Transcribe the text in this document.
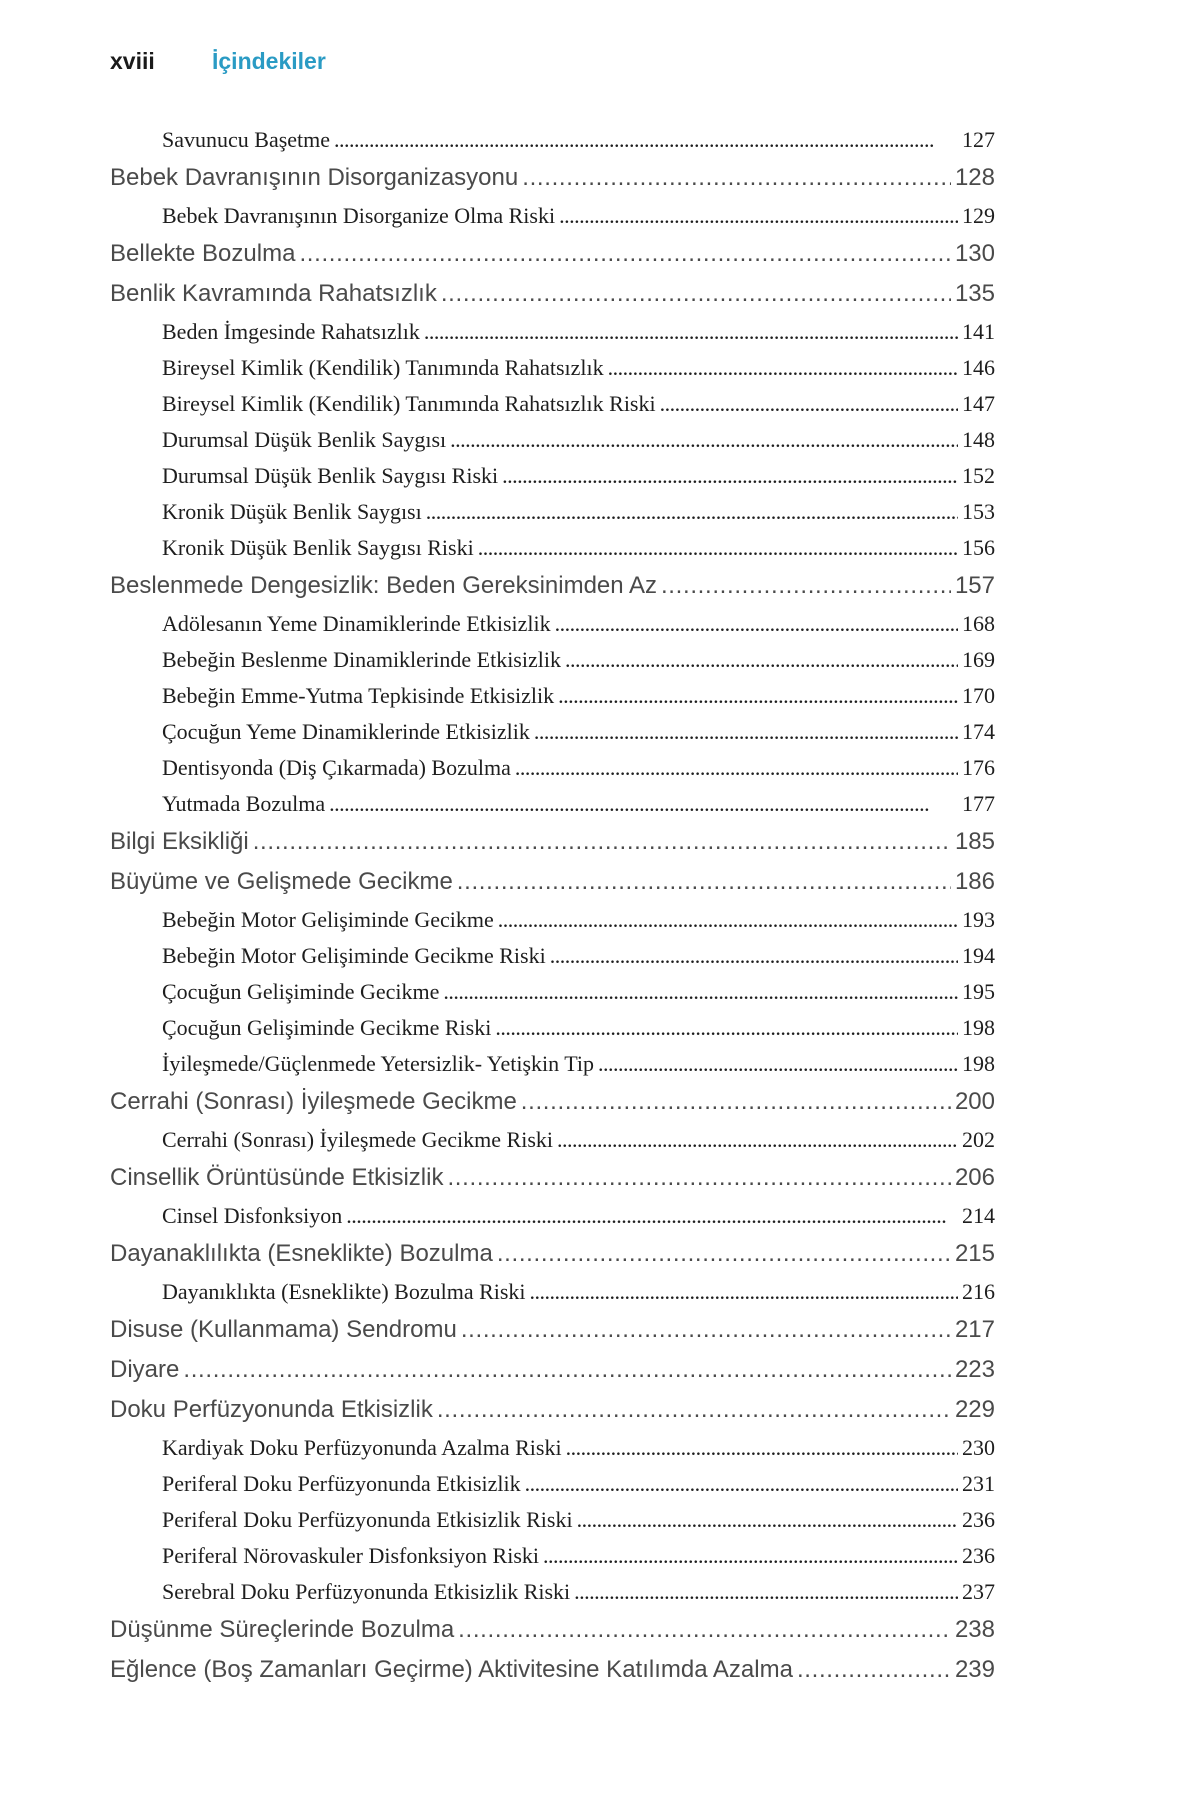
xviii	İçindekiler
Savunucu Başetme . . .	127
Bebek Davranışının Disorganizasyonu . . .	128
Bebek Davranışının Disorganize Olma Riski . . .	129
Bellekte Bozulma . . .	130
Benlik Kavramında Rahatsızlık . . .	135
Beden İmgesinde Rahatsızlık . . .	141
Bireysel Kimlik (Kendilik) Tanımında Rahatsızlık . . .	146
Bireysel Kimlik (Kendilik) Tanımında Rahatsızlık Riski . . .	147
Durumsal Düşük Benlik Saygısı . . .	148
Durumsal Düşük Benlik Saygısı Riski . . .	152
Kronik Düşük Benlik Saygısı . . .	153
Kronik Düşük Benlik Saygısı Riski . . .	156
Beslenmede Dengesizlik: Beden Gereksinimden Az . . .	157
Adölesanın Yeme Dinamiklerinde Etkisizlik . . .	168
Bebeğin Beslenme Dinamiklerinde Etkisizlik . . .	169
Bebeğin Emme-Yutma Tepkisinde Etkisizlik . . .	170
Çocuğun Yeme Dinamiklerinde Etkisizlik . . .	174
Dentisyonda (Diş Çıkarmada) Bozulma . . .	176
Yutmada Bozulma . . .	177
Bilgi Eksikliği . . .	185
Büyüme ve Gelişmede Gecikme . . .	186
Bebeğin Motor Gelişiminde Gecikme . . .	193
Bebeğin Motor Gelişiminde Gecikme Riski . . .	194
Çocuğun Gelişiminde Gecikme . . .	195
Çocuğun Gelişiminde Gecikme Riski . . .	198
İyileşmede/Güçlenmede Yetersizlik- Yetişkin Tip . . .	198
Cerrahi (Sonrası) İyileşmede Gecikme . . .	200
Cerrahi (Sonrası) İyileşmede Gecikme Riski . . .	202
Cinsellik Örüntüsünde Etkisizlik . . .	206
Cinsel Disfonksiyon . . .	214
Dayanaklılıkta (Esneklikte) Bozulma . . .	215
Dayanıklıkta (Esneklikte) Bozulma Riski . . .	216
Disuse (Kullanmama) Sendromu . . .	217
Diyare . . .	223
Doku Perfüzyonunda Etkisizlik . . .	229
Kardiyak Doku Perfüzyonunda Azalma Riski . . .	230
Periferal Doku Perfüzyonunda Etkisizlik . . .	231
Periferal Doku Perfüzyonunda Etkisizlik Riski . . .	236
Periferal Nörovaskuler Disfonksiyon Riski . . .	236
Serebral Doku Perfüzyonunda Etkisizlik Riski . . .	237
Düşünme Süreçlerinde Bozulma . . .	238
Eğlence (Boş Zamanları Geçirme) Aktivitesine Katılımda Azalma . . .	239
